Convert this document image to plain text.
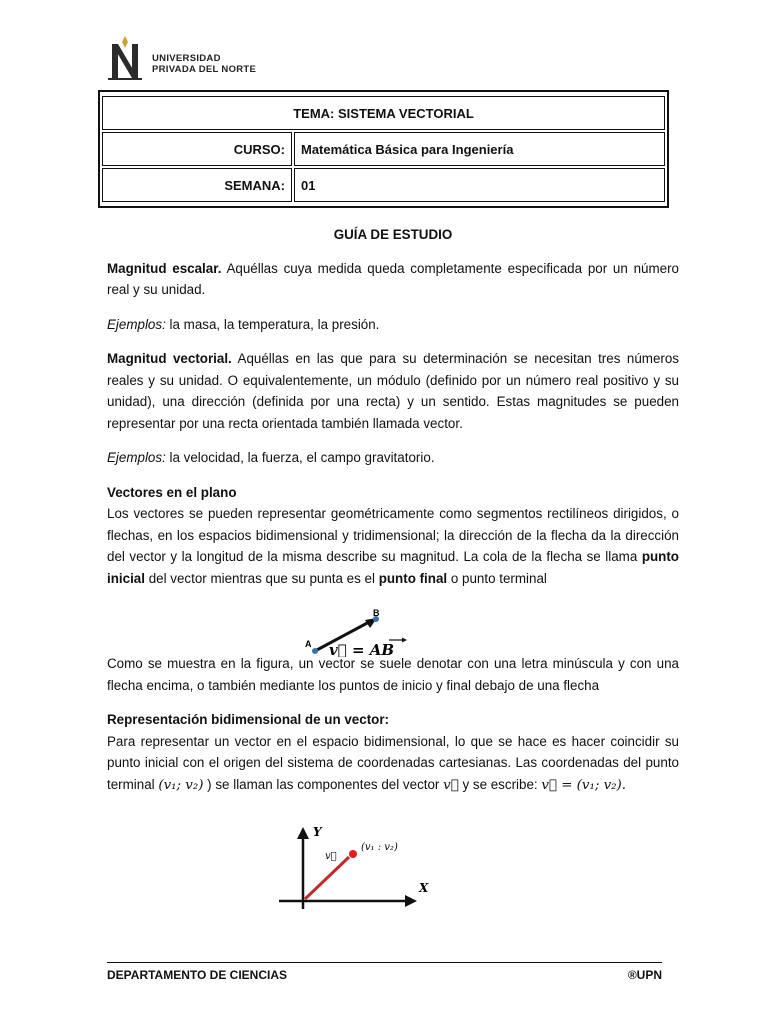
UNIVERSIDAD
PRIVADA DEL NORTE
TEMA: SISTEMA VECTORIAL
CURSO:	Matemática Básica para Ingeniería
SEMANA:	01

GUÍA DE ESTUDIO

Magnitud escalar. Aquéllas cuya medida queda completamente especificada por un número real y su unidad.

Ejemplos: la masa, la temperatura, la presión.

Magnitud vectorial. Aquéllas en las que para su determinación se necesitan tres números reales y su unidad. O equivalentemente, un módulo (definido por un número real positivo y su unidad), una dirección (definida por una recta) y un sentido. Estas magnitudes se pueden representar por una recta orientada también llamada vector.

Ejemplos: la velocidad, la fuerza, el campo gravitatorio.

Vectores en el plano

Los vectores se pueden representar geométricamente como segmentos rectilíneos dirigidos, o flechas, en los espacios bidimensional y tridimensional; la dirección de la flecha da la dirección del vector y la longitud de la misma describe su magnitud. La cola de la flecha se llama punto inicial del vector mientras que su punta es el punto final o punto terminal

Como se muestra en la figura, un vector se suele denotar con una letra minúscula y con una flecha encima, o también mediante los puntos de inicio y final debajo de una flecha

Representación bidimensional de un vector:

Para representar un vector en el espacio bidimensional, lo que se hace es hacer coincidir su punto inicial con el origen del sistema de coordenadas cartesianas. Las coordenadas del punto terminal (v₁; v₂) ) se llaman las componentes del vector v⃗ y se escribe: v⃗ = (v₁; v₂).

A
B
v⃗ = AB
Y
X
v⃗
(v₁ : v₂)
DEPARTAMENTO DE CIENCIAS	®UPN
